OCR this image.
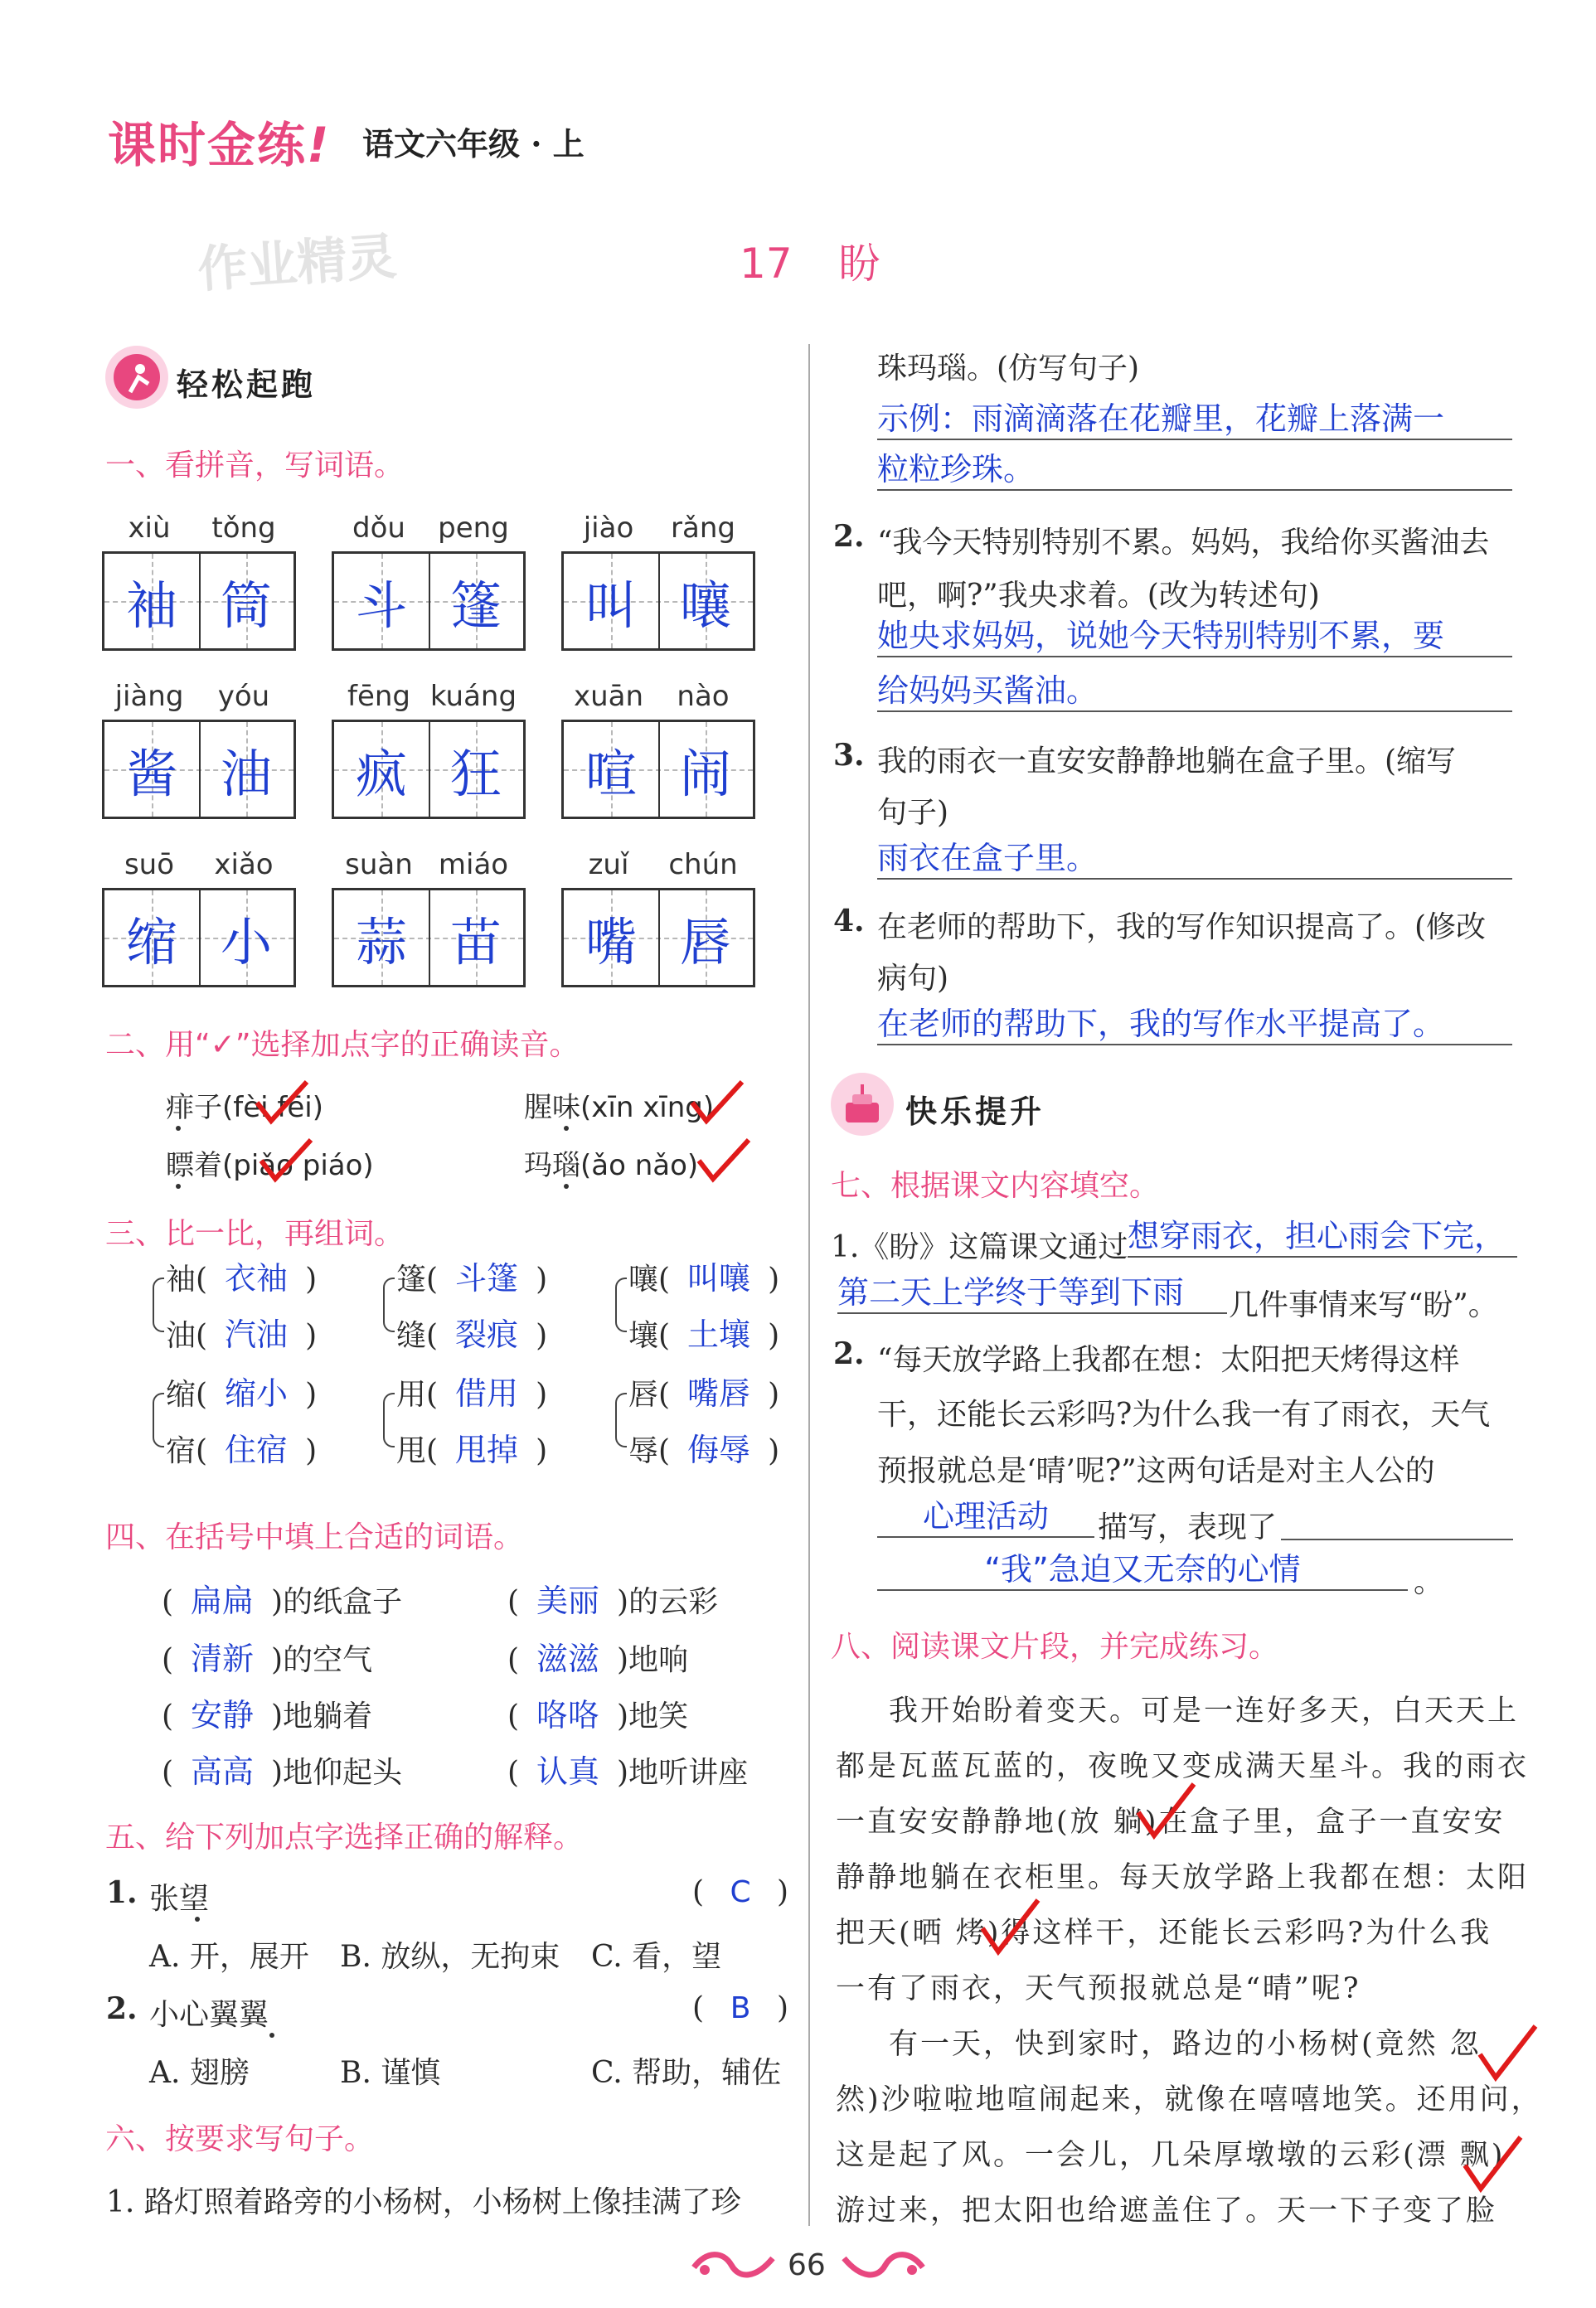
课时金练! 语文六年级 · 上
作业精灵	17 盼
轻松起跑
一、看拼音，写词语。
xiù	tǒng
袖 筒
dǒu	peng
斗 篷
jiào	rǎng
叫 嚷
jiàng	yóu
酱 油
fēng kuáng
疯 狂
xuān	nào
喧 闹
suō	xiǎo
缩 小
suàn miáo
蒜 苗
zuǐ	chún
嘴 唇
二、用“✓”选择加点字的正确读音。
痱子(fèi fēi)	腥味(xīn xīng)
瞟着(piǎo piáo)	玛瑙(ǎo nǎo)
三、比一比，再组词。
袖( 衣袖 )
油( 汽油 )
篷( 斗篷 )
缝( 裂痕 )
嚷( 叫嚷 )
壤( 土壤 )
缩( 缩小 )
宿( 住宿 )
用( 借用 )
甩( 甩掉 )
唇( 嘴唇 )
辱( 侮辱 )
四、在括号中填上合适的词语。
( 扁扁 )的纸盒子	( 美丽 )的云彩
( 清新 )的空气	( 滋滋 )地响
( 安静 )地躺着	( 咯咯 )地笑
( 高高 )地仰起头	( 认真 )地听讲座
五、给下列加点字选择正确的解释。
1. 张望	( C )
A. 开，展开 B. 放纵，无拘束 C. 看，望
2. 小心翼翼	( B )
A. 翅膀	B. 谨慎	C. 帮助，辅佐
六、按要求写句子。
1. 路灯照着路旁的小杨树，小杨树上像挂满了珍
珠玛瑙。(仿写句子)
示例：雨滴滴落在花瓣里，花瓣上落满一
粒粒珍珠。
2. “我今天特别特别不累。妈妈，我给你买酱油去
吧，啊?”我央求着。(改为转述句)
她央求妈妈，说她今天特别特别不累，要
给妈妈买酱油。
3. 我的雨衣一直安安静静地躺在盒子里。(缩写
句子)
雨衣在盒子里。
4. 在老师的帮助下，我的写作知识提高了。(修改
病句)
在老师的帮助下，我的写作水平提高了。
快乐提升
七、根据课文内容填空。
1.《盼》这篇课文通过 想穿雨衣，担心雨会下完，
第二天上学终于等到下雨	几件事情来写“盼”。
2. “每天放学路上我都在想：太阳把天烤得这样
干，还能长云彩吗?为什么我一有了雨衣，天气
预报就总是‘晴’呢?”这两句话是对主人公的
心理活动	描写，表现了
“我”急迫又无奈的心情	。
八、阅读课文片段，并完成练习。
我开始盼着变天。可是一连好多天，白天天上
都是瓦蓝瓦蓝的，夜晚又变成满天星斗。我的雨衣
一直安安静静地(放 躺)在盒子里，盒子一直安安
静静地躺在衣柜里。每天放学路上我都在想：太阳
把天(晒 烤)得这样干，还能长云彩吗?为什么我
一有了雨衣，天气预报就总是“晴”呢?
有一天，快到家时，路边的小杨树(竟然 忽
然)沙啦啦地喧闹起来，就像在嘻嘻地笑。还用问，
这是起了风。一会儿，几朵厚墩墩的云彩(漂 飘)
游过来，把太阳也给遮盖住了。天一下子变了脸
66
